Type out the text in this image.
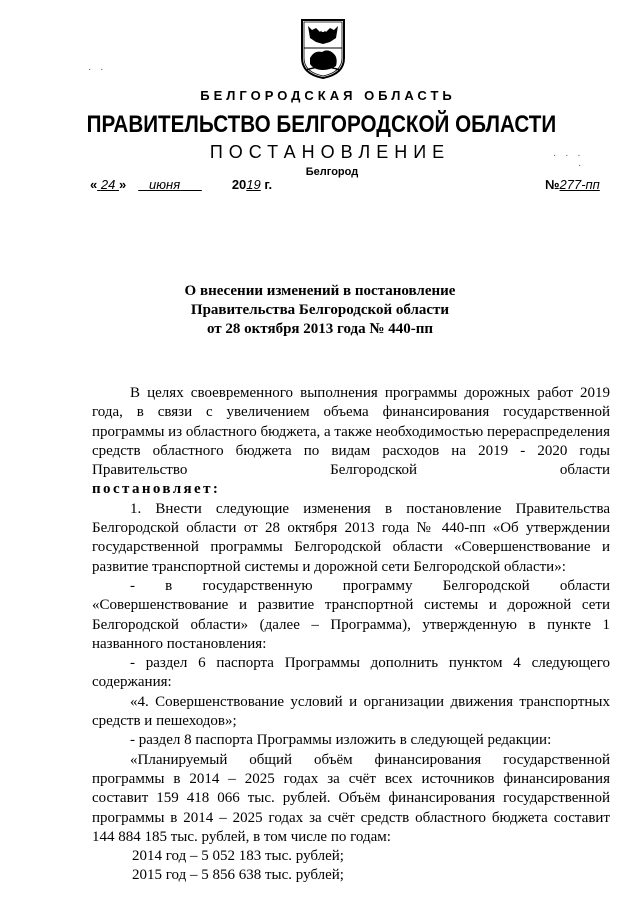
· ·
· · ·
·
БЕЛГОРОДСКАЯ ОБЛАСТЬ
ПРАВИТЕЛЬСТВО БЕЛГОРОДСКОЙ ОБЛАСТИ
ПОСТАНОВЛЕНИЕ
Белгород
« 24 » июня	2019 г.	№277-пп
О внесении изменений в постановление
Правительства Белгородской области
от 28 октября 2013 года № 440-пп

В целях своевременного выполнения программы дорожных работ 2019 года, в связи с увеличением объема финансирования государственной программы из областного бюджета, а также необходимостью перераспределения средств областного бюджета по видам расходов на 2019 - 2020 годы Правительство Белгородской области

постановляет:

1. Внести следующие изменения в постановление Правительства Белгородской области от 28 октября 2013 года № 440-пп «Об утверждении государственной программы Белгородской области «Совершенствование и развитие транспортной системы и дорожной сети Белгородской области»:

- в государственную программу Белгородской области «Совершенствование и развитие транспортной системы и дорожной сети Белгородской области» (далее – Программа), утвержденную в пункте 1 названного постановления:

- раздел 6 паспорта Программы дополнить пунктом 4 следующего содержания:

«4. Совершенствование условий и организации движения транспортных средств и пешеходов»;

- раздел 8 паспорта Программы изложить в следующей редакции:

«Планируемый общий объём финансирования государственной программы в 2014 – 2025 годах за счёт всех источников финансирования составит 159 418 066 тыс. рублей. Объём финансирования государственной программы в 2014 – 2025 годах за счёт средств областного бюджета составит 144 884 185 тыс. рублей, в том числе по годам:

2014 год – 5 052 183 тыс. рублей;

2015 год – 5 856 638 тыс. рублей;
